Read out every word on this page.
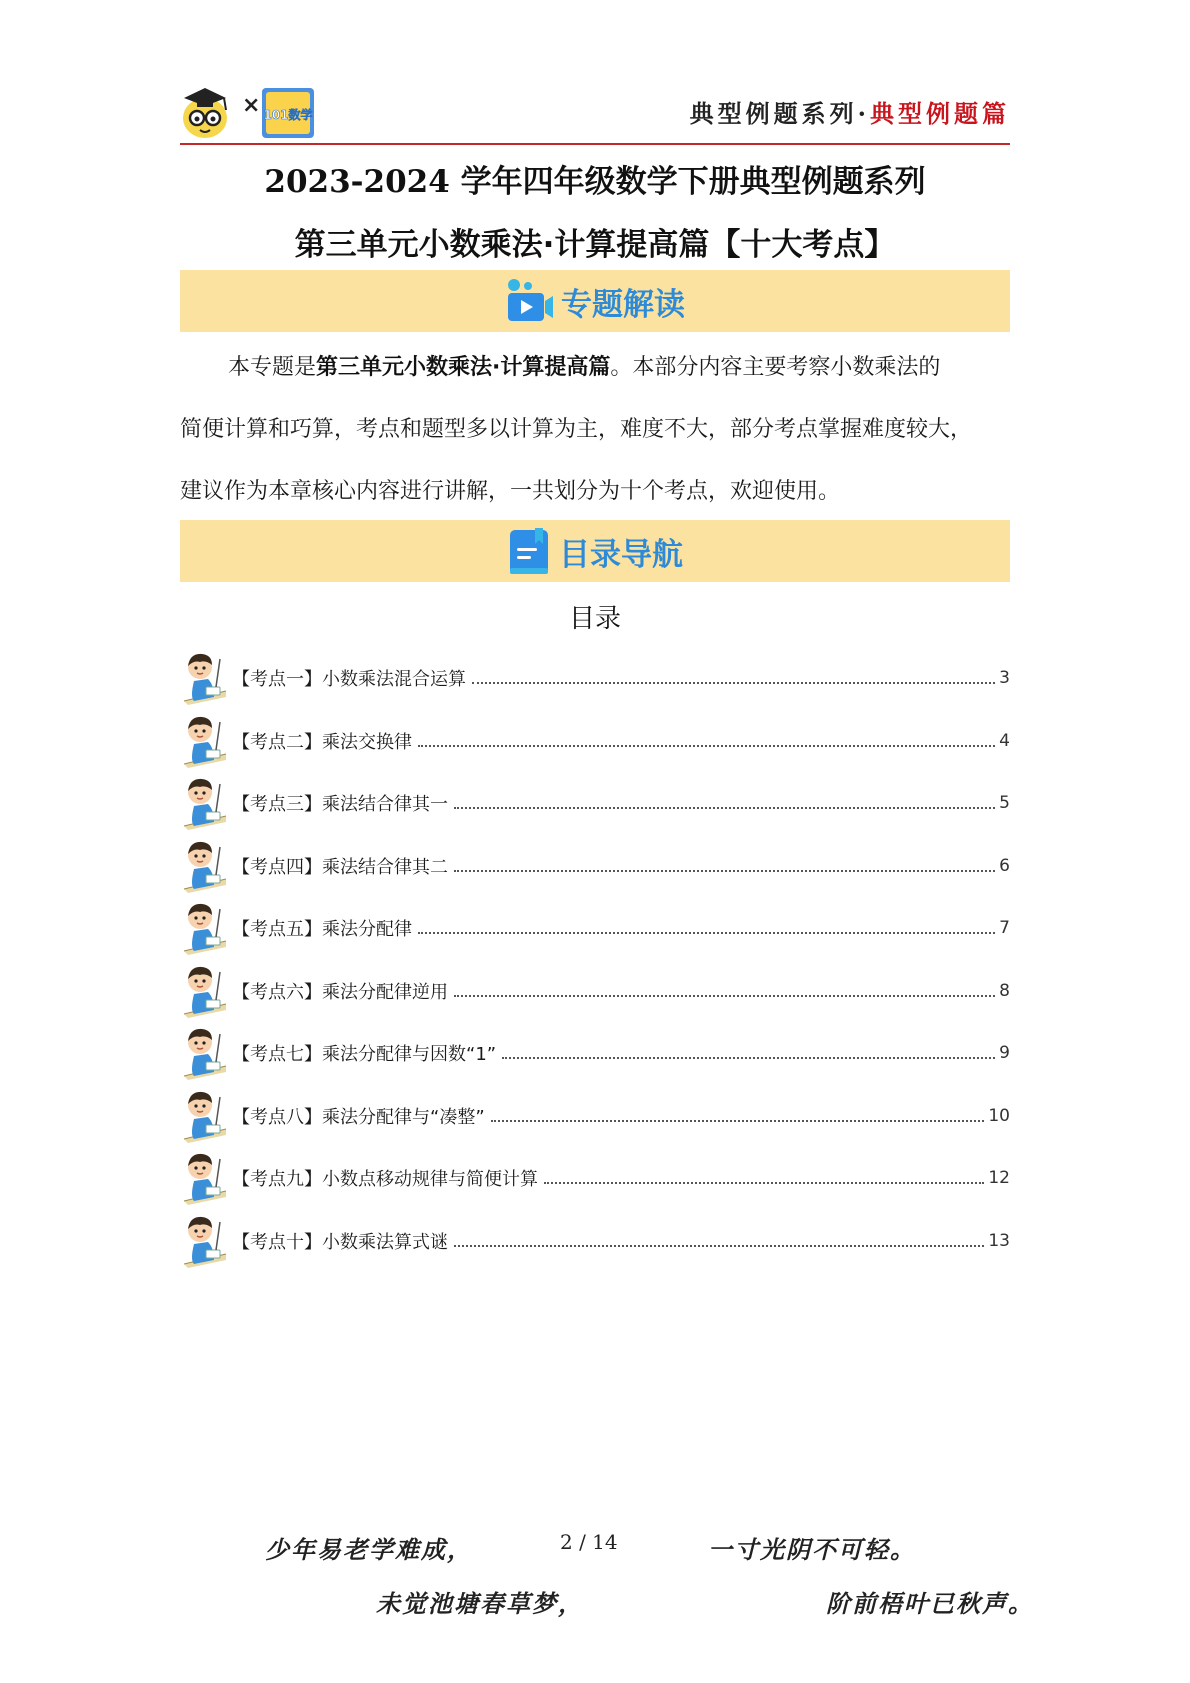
× 101数学	典型例题系列·典型例题篇
2023-2024 学年四年级数学下册典型例题系列
第三单元小数乘法·计算提高篇【十大考点】
专题解读
本专题是第三单元小数乘法·计算提高篇。本部分内容主要考察小数乘法的
简便计算和巧算，考点和题型多以计算为主，难度不大，部分考点掌握难度较大，
建议作为本章核心内容进行讲解，一共划分为十个考点，欢迎使用。
目录导航
目录
【考点一】小数乘法混合运算	3
【考点二】乘法交换律	4
【考点三】乘法结合律其一	5
【考点四】乘法结合律其二	6
【考点五】乘法分配律	7
【考点六】乘法分配律逆用	8
【考点七】乘法分配律与因数“1”	9
【考点八】乘法分配律与“凑整”	10
【考点九】小数点移动规律与简便计算	12
【考点十】小数乘法算式谜	13
少年易老学难成，	2 / 14	一寸光阴不可轻。
未觉池塘春草梦，	阶前梧叶已秋声。
